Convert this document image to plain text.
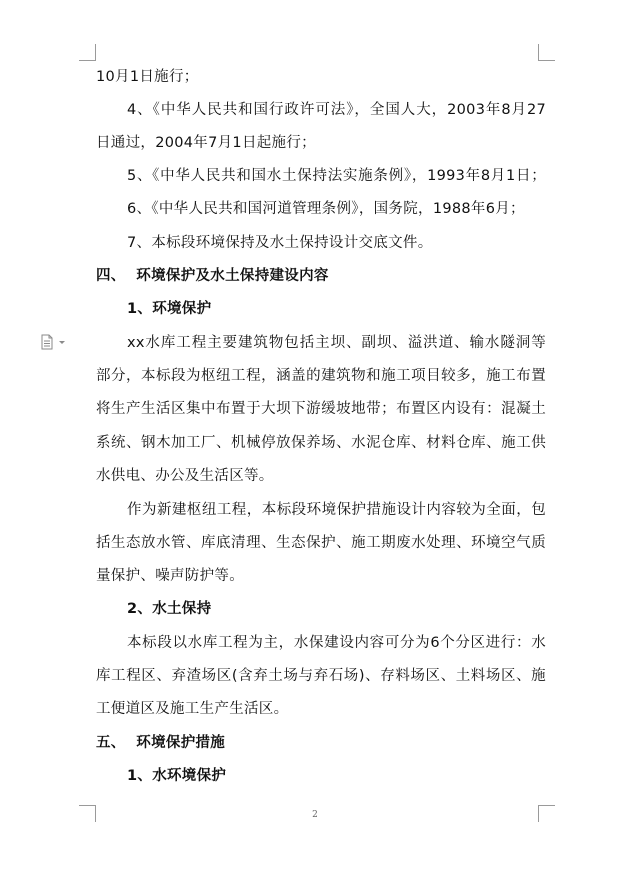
10月1日施行；
4、《中华人民共和国行政许可法》，全国人大，2003年8月27
日通过，2004年7月1日起施行；
5、《中华人民共和国水土保持法实施条例》，1993年8月1日；
6、《中华人民共和国河道管理条例》，国务院，1988年6月；
7、本标段环境保持及水土保持设计交底文件。
四、  环境保护及水土保持建设内容
1、环境保护
xx水库工程主要建筑物包括主坝、副坝、溢洪道、输水隧洞等
部分，本标段为枢纽工程，涵盖的建筑物和施工项目较多，施工布置
将生产生活区集中布置于大坝下游缓坡地带；布置区内设有：混凝土
系统、钢木加工厂、机械停放保养场、水泥仓库、材料仓库、施工供
水供电、办公及生活区等。
作为新建枢纽工程，本标段环境保护措施设计内容较为全面，包
括生态放水管、库底清理、生态保护、施工期废水处理、环境空气质
量保护、噪声防护等。
2、水土保持
本标段以水库工程为主，水保建设内容可分为6个分区进行：水
库工程区、弃渣场区(含弃土场与弃石场)、存料场区、土料场区、施
工便道区及施工生产生活区。
五、  环境保护措施
1、水环境保护
2
